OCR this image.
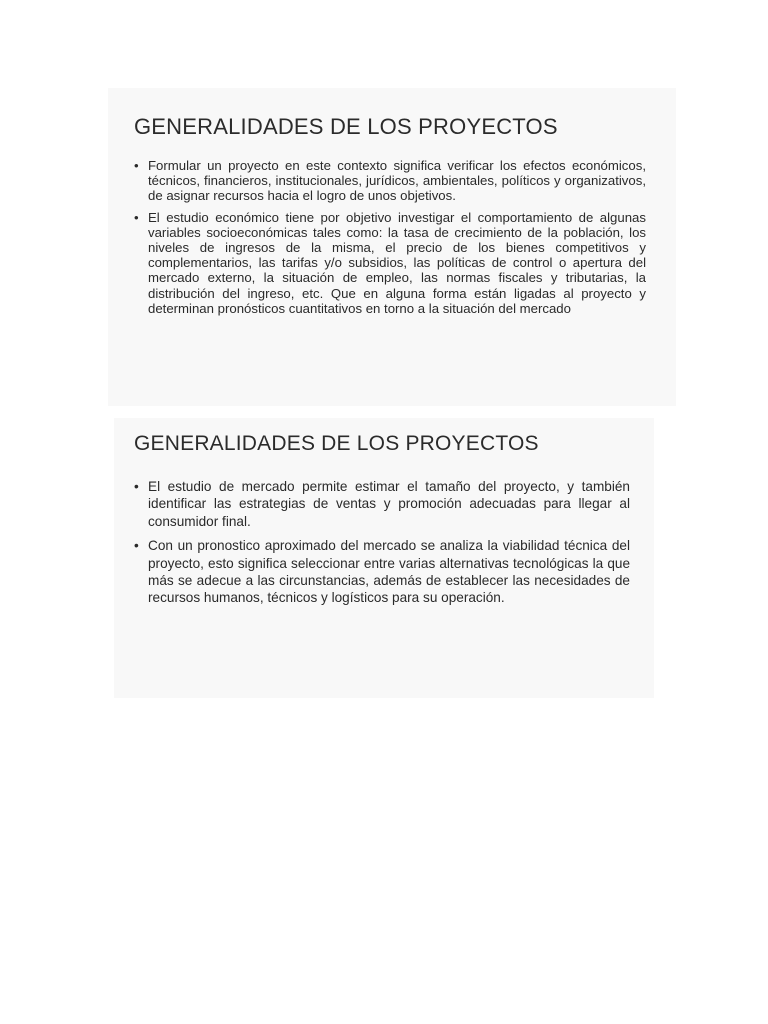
GENERALIDADES DE LOS PROYECTOS
• Formular un proyecto en este contexto significa verificar los efectos económicos, técnicos, financieros, institucionales, jurídicos, ambientales, políticos y organizativos, de asignar recursos hacia el logro de unos objetivos.
• El estudio económico tiene por objetivo investigar el comportamiento de algunas variables socioeconómicas tales como: la tasa de crecimiento de la población, los niveles de ingresos de la misma, el precio de los bienes competitivos y complementarios, las tarifas y/o subsidios, las políticas de control o apertura del mercado externo, la situación de empleo, las normas fiscales y tributarias, la distribución del ingreso, etc. Que en alguna forma están ligadas al proyecto y determinan pronósticos cuantitativos en torno a la situación del mercado
GENERALIDADES DE LOS PROYECTOS
• El estudio de mercado permite estimar el tamaño del proyecto, y también identificar las estrategias de ventas y promoción adecuadas para llegar al consumidor final.
• Con un pronostico aproximado del mercado se analiza la viabilidad técnica del proyecto, esto significa seleccionar entre varias alternativas tecnológicas la que más se adecue a las circunstancias, además de establecer las necesidades de recursos humanos, técnicos y logísticos para su operación.
